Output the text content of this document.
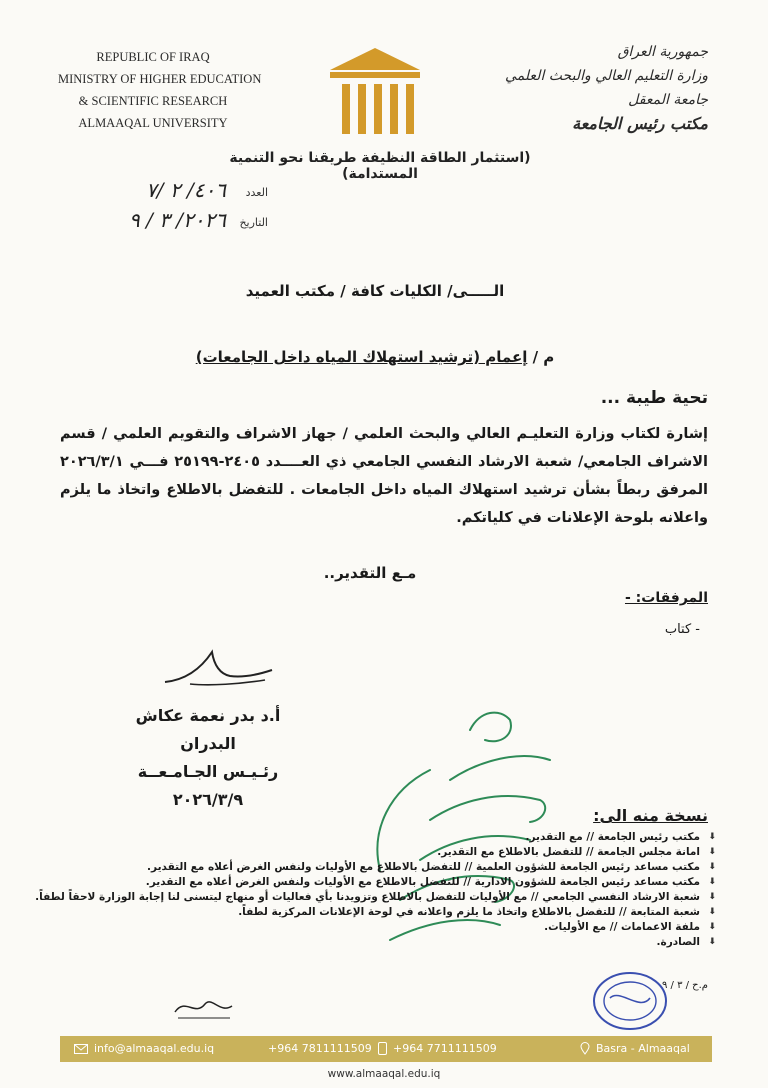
REPUBLIC OF IRAQ
MINISTRY OF HIGHER EDUCATION
& SCIENTIFIC RESEARCH
ALMAAQAL UNIVERSITY
جمهورية العراق
وزارة التعليم العالي والبحث العلمي
جامعة المعقل
مكتب رئيس الجامعة
(استثمار الطاقة النظيفة طريقنا نحو التنمية المستدامة)
العدد
٤٠٦/ ٢ /٧
التاريخ
٢٠٢٦/ ٣ / ٩
الـــــى/ الكليات كافة / مكتب العميد
م / إعمام (ترشيد استهلاك المياه داخل الجامعات)
تحية طيبة ...
إشارة لكتاب وزارة التعليـم العالي والبحث العلمي / جهاز الاشراف والتقويم العلمي / قسم الاشراف الجامعي/ شعبة الارشاد النفسي الجامعي ذي العــــدد ٢٤٠٥-٢٥١٩٩ فـــي ٢٠٢٦/٣/١ المرفق ربطاً بشأن ترشيد استهلاك المياه داخل الجامعات . للتفضل بالاطلاع واتخاذ ما يلزم واعلانه بلوحة الإعلانات في كلياتكم.
مـع التقدير..
المرفقات: -
- كتاب
أ.د بدر نعمة عكاش البدران
رئـيـس الجـامـعــة
٢٠٢٦/٣/٩
نسخة منه الى:
⬇ مكتب رئيس الجامعة // مع التقدير.
⬇ امانة مجلس الجامعة // للتفضل بالاطلاع مع التقدير.
⬇ مكتب مساعد رئيس الجامعة للشؤون العلمية // للتفضل بالاطلاع مع الأوليات ولنفس الغرض أعلاه مع التقدير.
⬇ مكتب مساعد رئيس الجامعة للشؤون الادارية // للتفضل بالاطلاع مع الأوليات ولنفس الغرض أعلاه مع التقدير.
⬇ شعبة الارشاد النفسي الجامعي // مع الأوليات للتفضل بالاطلاع وتزويدنا بأي فعاليات أو منهاج ليتسنى لنا إجابة الوزارة لاحقاً لطفاً.
⬇ شعبة المتابعة // للتفضل بالاطلاع واتخاذ ما يلزم واعلانه في لوحة الإعلانات المركزية لطفاً.
⬇ ملفة الاعمامات // مع الأوليات.
⬇ الصادرة.
م.ح / ٣ / ٩
info@almaaqal.edu.iq	+964 7811111509 +964 7711111509	Basra - Almaaqal
www.almaaqal.edu.iq
